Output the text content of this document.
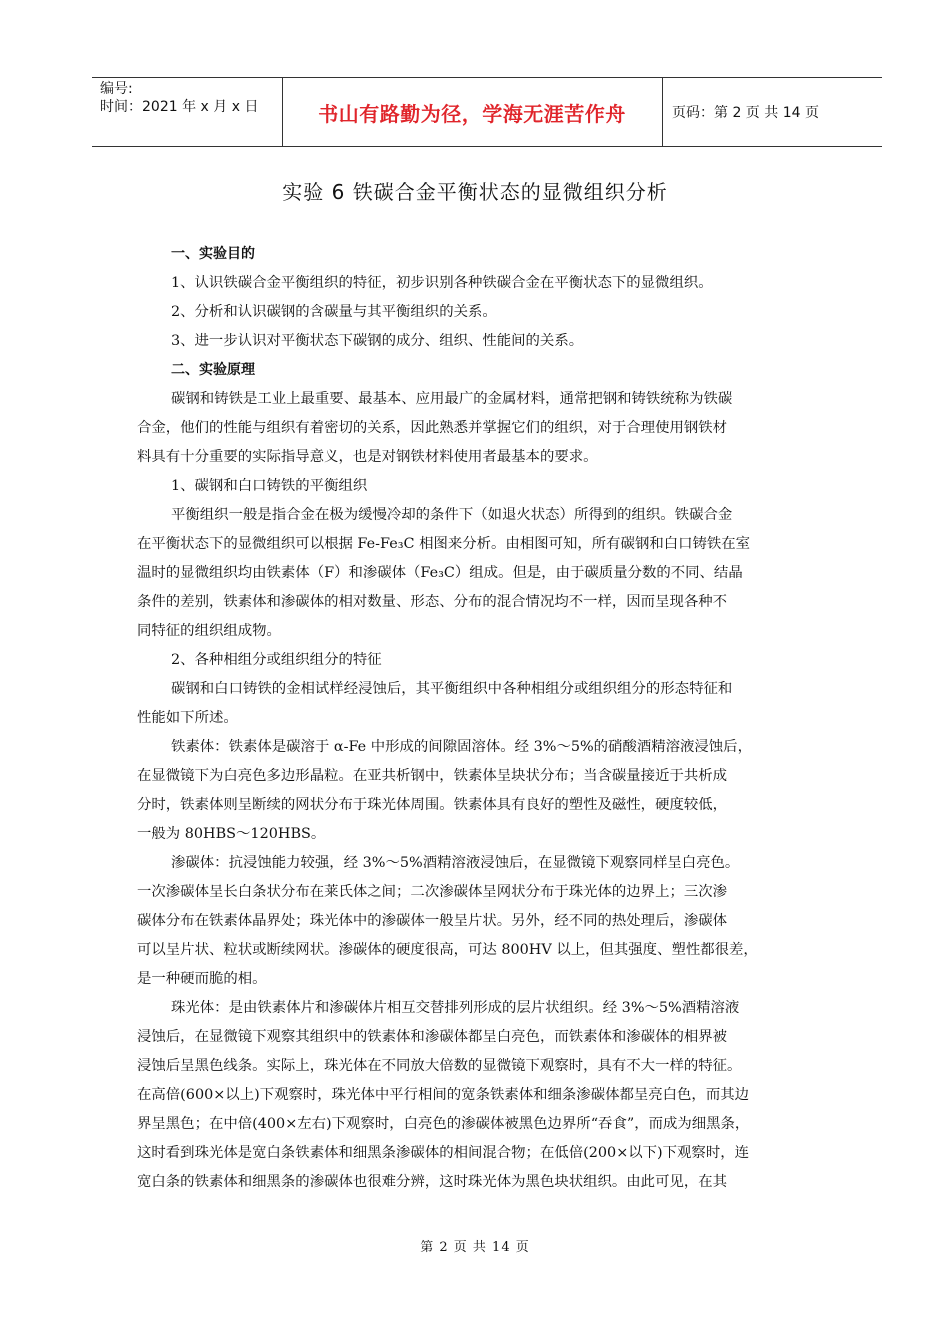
编号:
时间：2021 年 x 月 x 日	书山有路勤为径，学海无涯苦作舟	页码：第 2 页 共 14 页
实验 6 铁碳合金平衡状态的显微组织分析
一、实验目的
1、认识铁碳合金平衡组织的特征，初步识别各种铁碳合金在平衡状态下的显微组织。
2、分析和认识碳钢的含碳量与其平衡组织的关系。
3、进一步认识对平衡状态下碳钢的成分、组织、性能间的关系。
二、实验原理
碳钢和铸铁是工业上最重要、最基本、应用最广的金属材料，通常把钢和铸铁统称为铁碳
合金，他们的性能与组织有着密切的关系，因此熟悉并掌握它们的组织，对于合理使用钢铁材
料具有十分重要的实际指导意义，也是对钢铁材料使用者最基本的要求。
1、碳钢和白口铸铁的平衡组织
平衡组织一般是指合金在极为缓慢冷却的条件下（如退火状态）所得到的组织。铁碳合金
在平衡状态下的显微组织可以根据 Fe-Fe₃C 相图来分析。由相图可知，所有碳钢和白口铸铁在室
温时的显微组织均由铁素体（F）和渗碳体（Fe₃C）组成。但是，由于碳质量分数的不同、结晶
条件的差别，铁素体和渗碳体的相对数量、形态、分布的混合情况均不一样，因而呈现各种不
同特征的组织组成物。
2、各种相组分或组织组分的特征
碳钢和白口铸铁的金相试样经浸蚀后，其平衡组织中各种相组分或组织组分的形态特征和
性能如下所述。
铁素体：铁素体是碳溶于 α-Fe 中形成的间隙固溶体。经 3%～5%的硝酸酒精溶液浸蚀后，
在显微镜下为白亮色多边形晶粒。在亚共析钢中，铁素体呈块状分布；当含碳量接近于共析成
分时，铁素体则呈断续的网状分布于珠光体周围。铁素体具有良好的塑性及磁性，硬度较低，
一般为 80HBS～120HBS。
渗碳体：抗浸蚀能力较强，经 3%～5%酒精溶液浸蚀后，在显微镜下观察同样呈白亮色。
一次渗碳体呈长白条状分布在莱氏体之间；二次渗碳体呈网状分布于珠光体的边界上；三次渗
碳体分布在铁素体晶界处；珠光体中的渗碳体一般呈片状。另外，经不同的热处理后，渗碳体
可以呈片状、粒状或断续网状。渗碳体的硬度很高，可达 800HV 以上，但其强度、塑性都很差，
是一种硬而脆的相。
珠光体：是由铁素体片和渗碳体片相互交替排列形成的层片状组织。经 3%～5%酒精溶液
浸蚀后，在显微镜下观察其组织中的铁素体和渗碳体都呈白亮色，而铁素体和渗碳体的相界被
浸蚀后呈黑色线条。实际上，珠光体在不同放大倍数的显微镜下观察时，具有不大一样的特征。
在高倍(600×以上)下观察时，珠光体中平行相间的宽条铁素体和细条渗碳体都呈亮白色，而其边
界呈黑色；在中倍(400×左右)下观察时，白亮色的渗碳体被黑色边界所“吞食”，而成为细黑条，
这时看到珠光体是宽白条铁素体和细黑条渗碳体的相间混合物；在低倍(200×以下)下观察时，连
宽白条的铁素体和细黑条的渗碳体也很难分辨，这时珠光体为黑色块状组织。由此可见，在其
第 2 页 共 14 页
